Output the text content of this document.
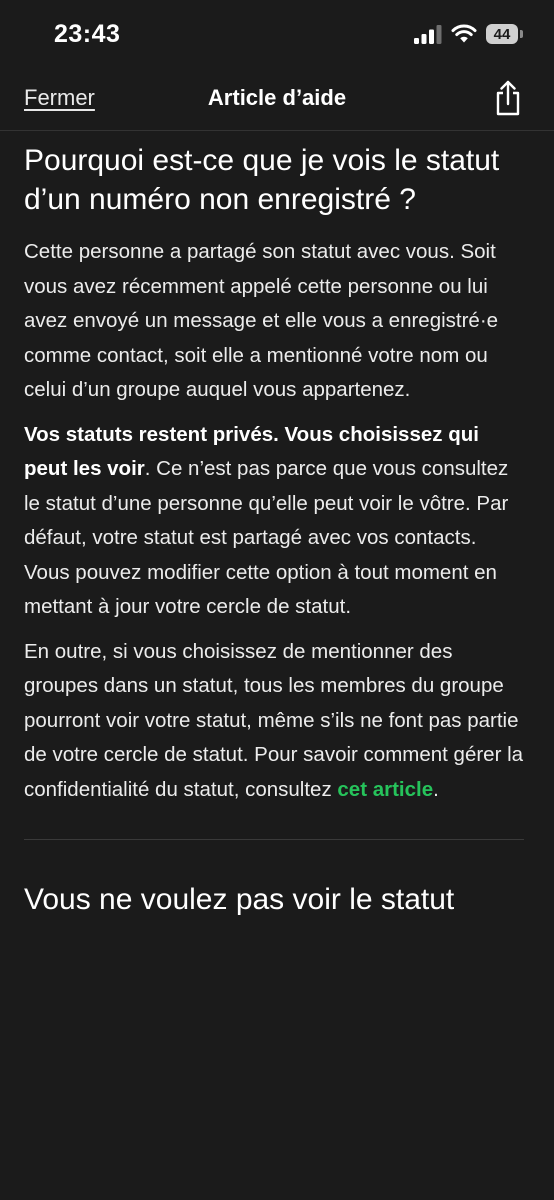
23:43	44
Article d’aide
Fermer
Pourquoi est-ce que je vois le statut d’un numéro non enregistré ?

Cette personne a partagé son statut avec vous. Soit vous avez récemment appelé cette personne ou lui avez envoyé un message et elle vous a enregistré·e comme contact, soit elle a mentionné votre nom ou celui d’un groupe auquel vous appartenez.

Vos statuts restent privés. Vous choisissez qui peut les voir. Ce n’est pas parce que vous consultez le statut d’une personne qu’elle peut voir le vôtre. Par défaut, votre statut est partagé avec vos contacts. Vous pouvez modifier cette option à tout moment en mettant à jour votre cercle de statut.

En outre, si vous choisissez de mentionner des groupes dans un statut, tous les membres du groupe pourront voir votre statut, même s’ils ne font pas partie de votre cercle de statut. Pour savoir comment gérer la confidentialité du statut, consultez cet article.

Vous ne voulez pas voir le statut
